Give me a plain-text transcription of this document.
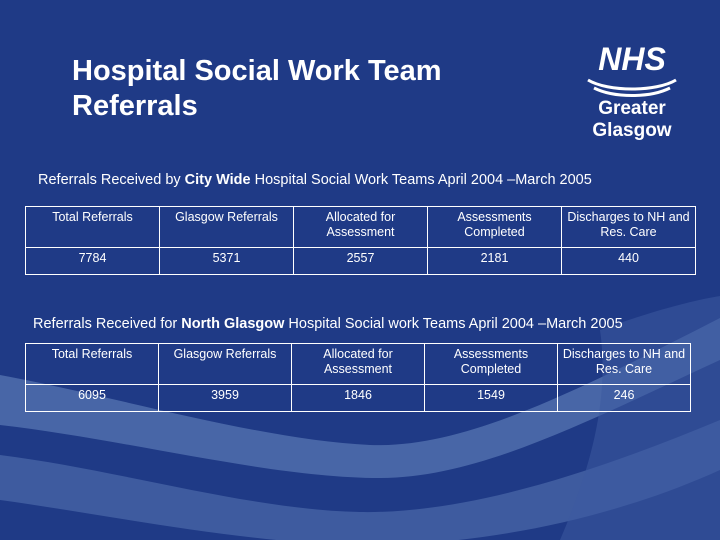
Hospital Social Work Team
Referrals
NHS
Greater
Glasgow
Referrals Received by City Wide Hospital Social Work Teams April 2004 –March 2005
Total Referrals	Glasgow Referrals	Allocated for Assessment	Assessments Completed	Discharges to NH and Res. Care
7784	5371	2557	2181	440
Referrals Received for North Glasgow Hospital Social work Teams April 2004 –March 2005
Total Referrals	Glasgow Referrals	Allocated for Assessment	Assessments Completed	Discharges to NH and Res. Care
6095	3959	1846	1549	246
